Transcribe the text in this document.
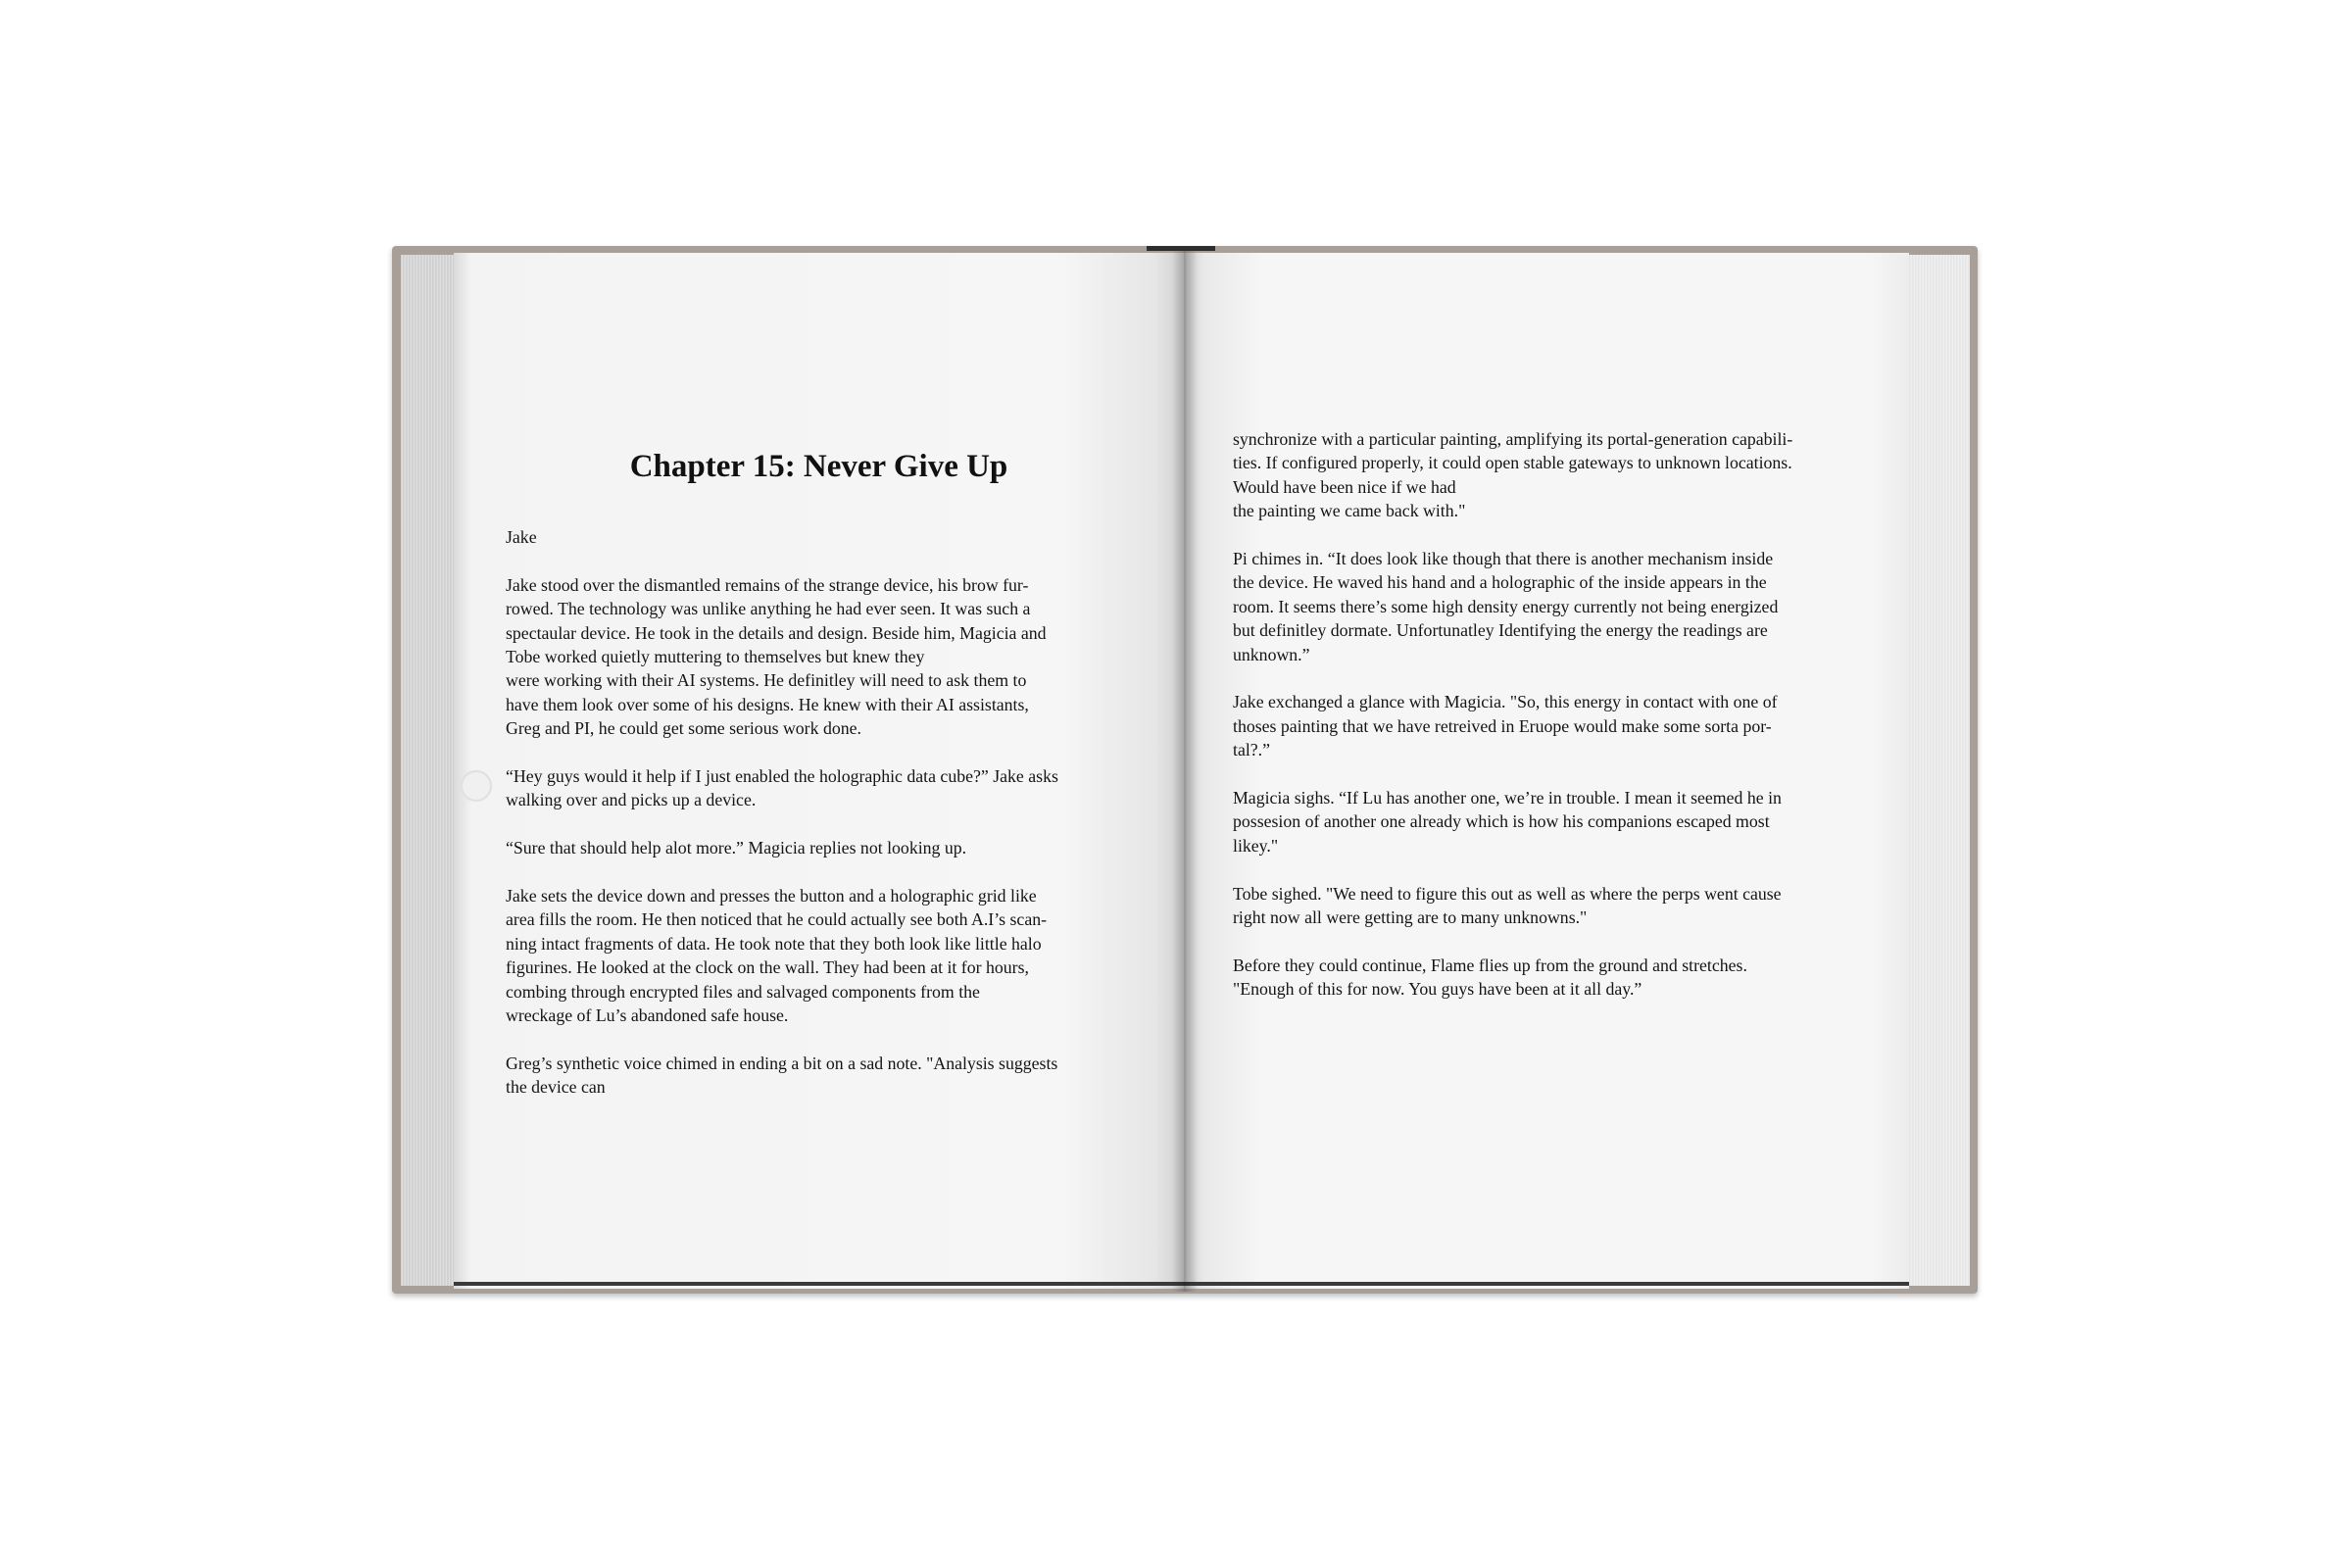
Chapter 15: Never Give Up

Jake

Jake stood over the dismantled remains of the strange device, his brow fur-
rowed. The technology was unlike anything he had ever seen. It was such a
spectaular device. He took in the details and design. Beside him, Magicia and
Tobe worked quietly muttering to themselves but knew they
were working with their AI systems. He definitley will need to ask them to
have them look over some of his designs. He knew with their AI assistants,
Greg and PI, he could get some serious work done.

“Hey guys would it help if I just enabled the holographic data cube?” Jake asks
walking over and picks up a device.

“Sure that should help alot more.” Magicia replies not looking up.

Jake sets the device down and presses the button and a holographic grid like
area fills the room. He then noticed that he could actually see both A.I’s scan-
ning intact fragments of data. He took note that they both look like little halo
figurines. He looked at the clock on the wall. They had been at it for hours,
combing through encrypted files and salvaged components from the
wreckage of Lu’s abandoned safe house.

Greg’s synthetic voice chimed in ending a bit on a sad note. "Analysis suggests
the device can

synchronize with a particular painting, amplifying its portal-generation capabili-
ties. If configured properly, it could open stable gateways to unknown locations.
Would have been nice if we had
the painting we came back with."

Pi chimes in. “It does look like though that there is another mechanism inside
the device. He waved his hand and a holographic of the inside appears in the
room. It seems there’s some high density energy currently not being energized
but definitley dormate. Unfortunatley Identifying the energy the readings are
unknown.”

Jake exchanged a glance with Magicia. "So, this energy in contact with one of
thoses painting that we have retreived in Eruope would make some sorta por-
tal?.”

Magicia sighs. “If Lu has another one, we’re in trouble. I mean it seemed he in
possesion of another one already which is how his companions escaped most
likey."

Tobe sighed. "We need to figure this out as well as where the perps went cause
right now all were getting are to many unknowns."

Before they could continue, Flame flies up from the ground and stretches.
"Enough of this for now. You guys have been at it all day.”
